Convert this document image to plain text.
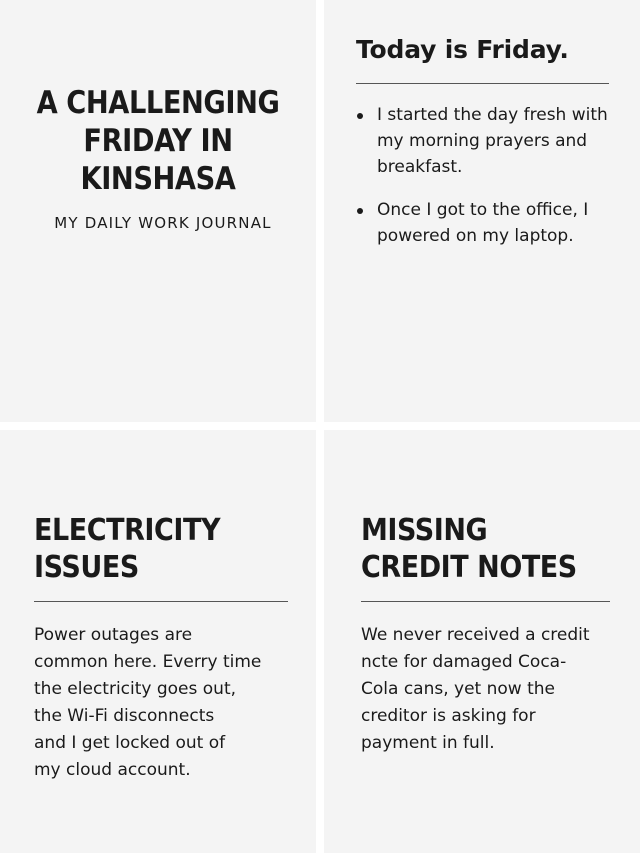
A CHALLENGING
FRIDAY IN
KINSHASA
MY DAILY WORK JOURNAL
Today is Friday.
I started the day fresh with my morning prayers and breakfast.
Once I got to the office, I powered on my laptop.
ELECTRICITY
ISSUES

Power outages are
common here. Everry time
the electricity goes out,
the Wi-Fi disconnects
and I get locked out of
my cloud account.

MISSING
CREDIT NOTES

We never received a credit
ncte for damaged Coca-
Cola cans, yet now the
creditor is asking for
payment in full.
